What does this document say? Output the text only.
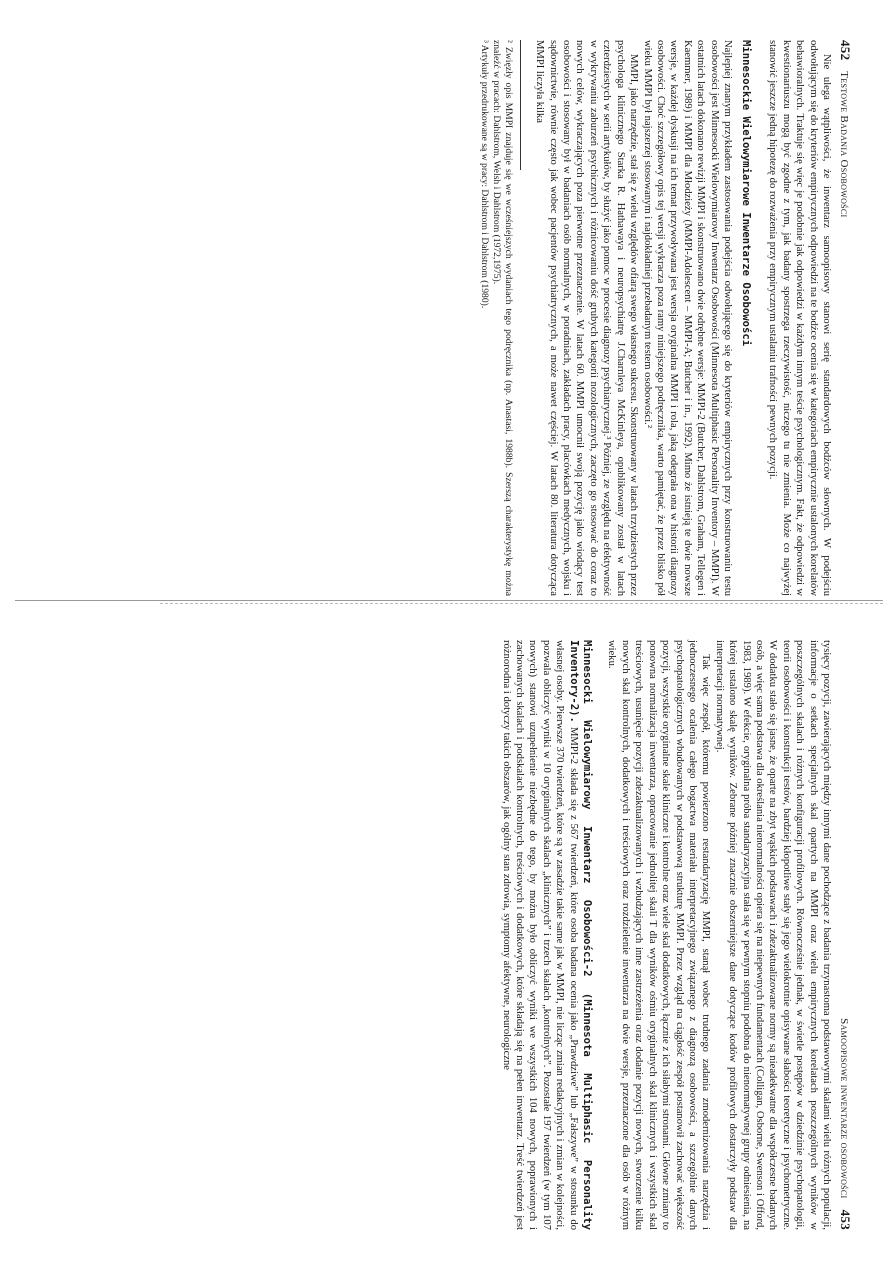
452 Testowe Badania Osobowości

Nie ulega wątpliwości, że inwentarz samoopisowy stanowi serię standardowych bodźców słownych. W podejściu odwołującym się do kryteriów empirycznych odpowiedzi na te bodźce ocenia się w kategoriach empirycznie ustalonych korelatów behawioralnych. Traktuje się więc je podobnie jak odpowiedzi w każdym innym teście psychologicznym. Fakt, że odpowiedzi w kwestionariuszu mogą być zgodne z tym, jak badany spostrzega rzeczywistość, niczego tu nie zmienia. Może co najwyżej stanowić jeszcze jedną hipotezę do rozważenia przy empirycznym ustalaniu trafności pewnych pozycji.

Minnesockie Wielowymiarowe Inwentarze Osobowości

Najlepiej znanym przykładem zastosowania podejścia odwołującego się do kryteriów empirycznych przy konstruowaniu testu osobowości jest Minnesocki Wielowymiarowy Inwentarz Osobowości (Minnesota Multiphasic Personality Inventory – MMPI). W ostatnich latach dokonano rewizji MMPI i skonstruowano dwie odrębne wersje: MMPI-2 (Butcher, Dahlstrom, Graham, Tellegen i Kaemmer, 1989) i MMPI dla Młodzieży (MMPI-Adolescent – MMPI-A; Butcher i in., 1992). Mimo że istnieją te dwie nowsze wersje, w każdej dyskusji na ich temat przywoływana jest wersja oryginalna MMPI i rola, jaką odegrała ona w historii diagnozy osobowości. Choć szczegółowy opis tej wersji wykracza poza ramy niniejszego podręcznika, warto pamiętać, że przez blisko pół wieku MMPI był najszerzej stosowanym i najdokładniej przebadanym testem osobowości.²

MMPI, jako narzędzie, stał się z wielu względów ofiarą swego własnego sukcesu. Skonstruowany w latach trzydziestych przez psychologa klinicznego Starka R. Hathawaya i neuropsychiatrę J.Charnleya McKinleya, opublikowany został w latach czterdziestych w serii artykułów, by służyć jako pomoc w procesie diagnozy psychiatrycznej.³ Później, ze względu na efektywność w wykrywaniu zaburzeń psychicznych i różnicowaniu dość grubych kategorii nozologicznych, zaczęto go stosować do coraz to nowych celów, wykraczających poza pierwotne przeznaczenie. W latach 60. MMPI umocnił swoją pozycję jako wiodący test osobowości i stosowany był w badaniach osób normalnych, w poradniach, zakładach pracy, placówkach medycznych, wojsku i sądownictwie, równie często jak wobec pacjentów psychiatrycznych, a może nawet częściej. W latach 80. literatura dotycząca MMPI liczyła kilka

² Zwięzły opis MMPI znajduje się we wcześniejszych wydaniach tego podręcznika (np. Anastasi, 1988b). Szerszą charakterystykę można znaleźć w pracach: Dahlstrom, Welsh i Dahlstrom (1972,1975).

³ Artykuły przedrukowane są w pracy: Dahlstrom i Dahlstrom (1980).

Samoopisowe inwentarze osobowości 453

tysięcy pozycji, zawierających między innymi dane pochodzące z badania trzynastoma podstawowymi skalami wielu różnych populacji, informacje o setkach specjalnych skal opartych na MMPI oraz wielu empirycznych korelatach poszczególnych wyników w poszczególnych skalach i różnych konfiguracji profilowych. Równocześnie jednak, w świetle postępów w dziedzinie psychopatologii, teorii osobowości i konstrukcji testów, bardziej kłopotliwe stały się jego wielokrotnie opisywane słabości teoretyczne i psychometryczne. W dodatku stało się jasne, że oparte na zbyt wąskich podstawach i zdezaktualizowane normy są nieadekwatne dla współczesne badanych osób, a więc sama podstawa dla określania nienormalności opiera się na niepewnych fundamentach (Colligan, Osborne, Swenson i Offord, 1983, 1989). W efekcie, oryginalna próba standaryzacyjna stała się w pewnym stopniu podobna do nienormatywnej grupy odniesienia, na której ustalono skalę wyników. Zebrane później znacznie obszerniejsze dane dotyczące kodów profilowych dostarczyły podstaw dla interpretacji normatywnej.

Tak więc zespół, któremu powierzono restandaryzację MMPI, stanął wobec trudnego zadania zmodernizowania narzędzia i jednoczesnego ocalenia całego bogactwa materiału interpretacyjnego związanego z diagnozą osobowości, a szczególnie danych psychopatologicznych wbudowanych w podstawową strukturę MMPI. Przez wzgląd na ciągłość zespół postanowił zachować większość pozycji, wszystkie oryginalne skale kliniczne i kontrolne oraz wiele skal dodatkowych, łącznie z ich siłabymi stronami. Główne zmiany to ponowna normalizacja inwentarza, opracowanie jednolitej skali T dla wyników ośmiu oryginalnych skal klinicznych i wszystkich skal treściowych, usunięcie pozycji zdezaktualizowanych i wzbudzających inne zastrzeżenia oraz dodanie pozycji nowych, stworzenie kilku nowych skal kontrolnych, dodatkowych i treściowych oraz rozdzielenie inwentarza na dwie wersje, przeznaczone dla osób w różnym wieku.

Minnesocki Wielowymiarowy Inwentarz Osobowości-2 (Minnesota Multiphasic Personality Inventory-2). MMPI-2 składa się z 567 twierdzeń, które osoba badana ocenia jako „Prawdziwe” lub „Fałszywe” w stosunku do własnej osoby. Pierwsze 370 twierdzeń, które są w zasadzie takie same jak w MMPI, nie licząc zmian redakcyjnych i zmian w kolejności, pozwala obliczyć wyniki w 10 oryginalnych skalach „klinicznych” i trzech skalach „kontrolnych”. Pozostałe 197 twierdzeń (w tym 107 nowych) stanowi uzupełnienie niezbędne do tego, by można było obliczyć wyniki we wszystkich 104 nowych, poprawionych i zachowanych skalach i podskalach kontrolnych, treściowych i dodatkowych, które składają się na pełen inwentarz. Treść twierdzeń jest różnorodna i dotyczy takich obszarów, jak ogólny stan zdrowia, symptomy afektywne, neurologiczne
